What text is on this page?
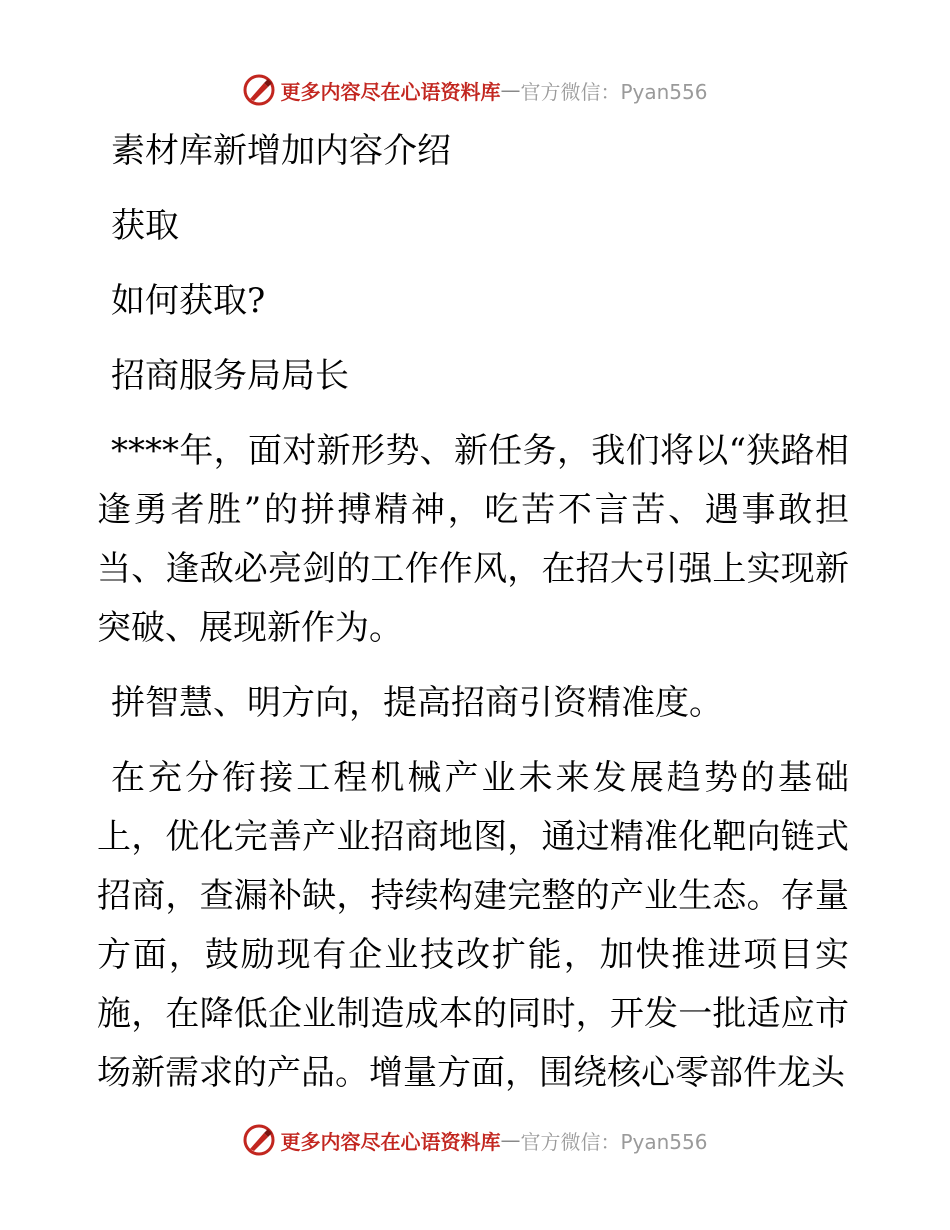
更多内容尽在心语资料库 — 官方微信：Pyan556

素材库新增加内容介绍

获取

如何获取?

招商服务局局长

****年，面对新形势、新任务，我们将以“狭路相逢勇者胜”的拼搏精神，吃苦不言苦、遇事敢担当、逢敌必亮剑的工作作风，在招大引强上实现新突破、展现新作为。

拼智慧、明方向，提高招商引资精准度。

在充分衔接工程机械产业未来发展趋势的基础上，优化完善产业招商地图，通过精准化靶向链式招商，查漏补缺，持续构建完整的产业生态。存量方面，鼓励现有企业技改扩能，加快推进项目实施，在降低企业制造成本的同时，开发一批适应市场新需求的产品。增量方面，围绕核心零部件龙头

更多内容尽在心语资料库 — 官方微信：Pyan556
